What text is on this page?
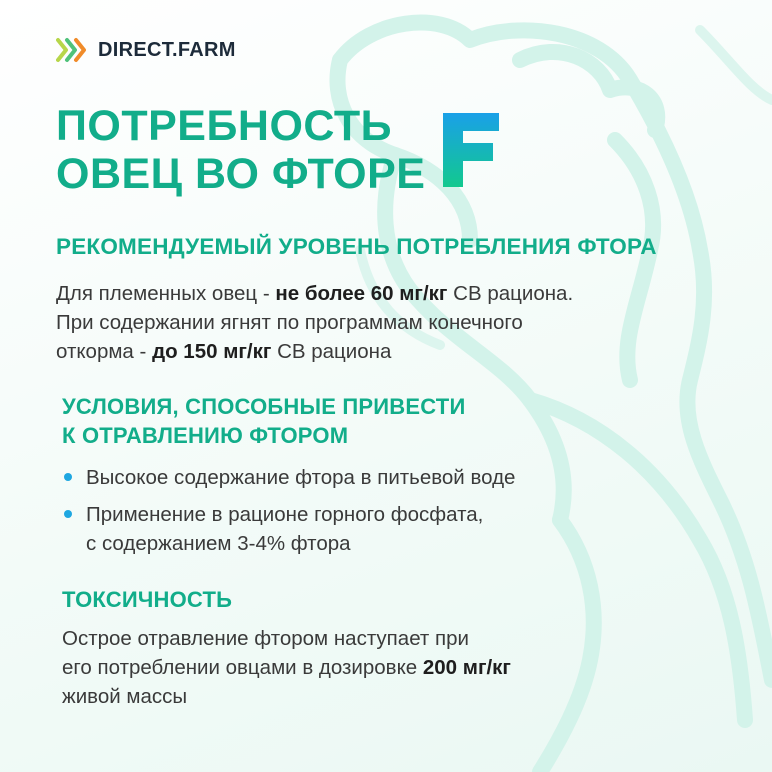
DIRECT.FARM
ПОТРЕБНОСТЬ
ОВЕЦ ВО ФТОРЕ
F
РЕКОМЕНДУЕМЫЙ УРОВЕНЬ ПОТРЕБЛЕНИЯ ФТОРА

Для племенных овец - не более 60 мг/кг СВ рациона.
При содержании ягнят по программам конечного
откорма - до 150 мг/кг СВ рациона

УСЛОВИЯ, СПОСОБНЫЕ ПРИВЕСТИ
К ОТРАВЛЕНИЮ ФТОРОМ
Высокое содержание фтора в питьевой воде
Применение в рационе горного фосфата,
с содержанием 3-4% фтора
ТОКСИЧНОСТЬ

Острое отравление фтором наступает при
его потреблении овцами в дозировке 200 мг/кг
живой массы
